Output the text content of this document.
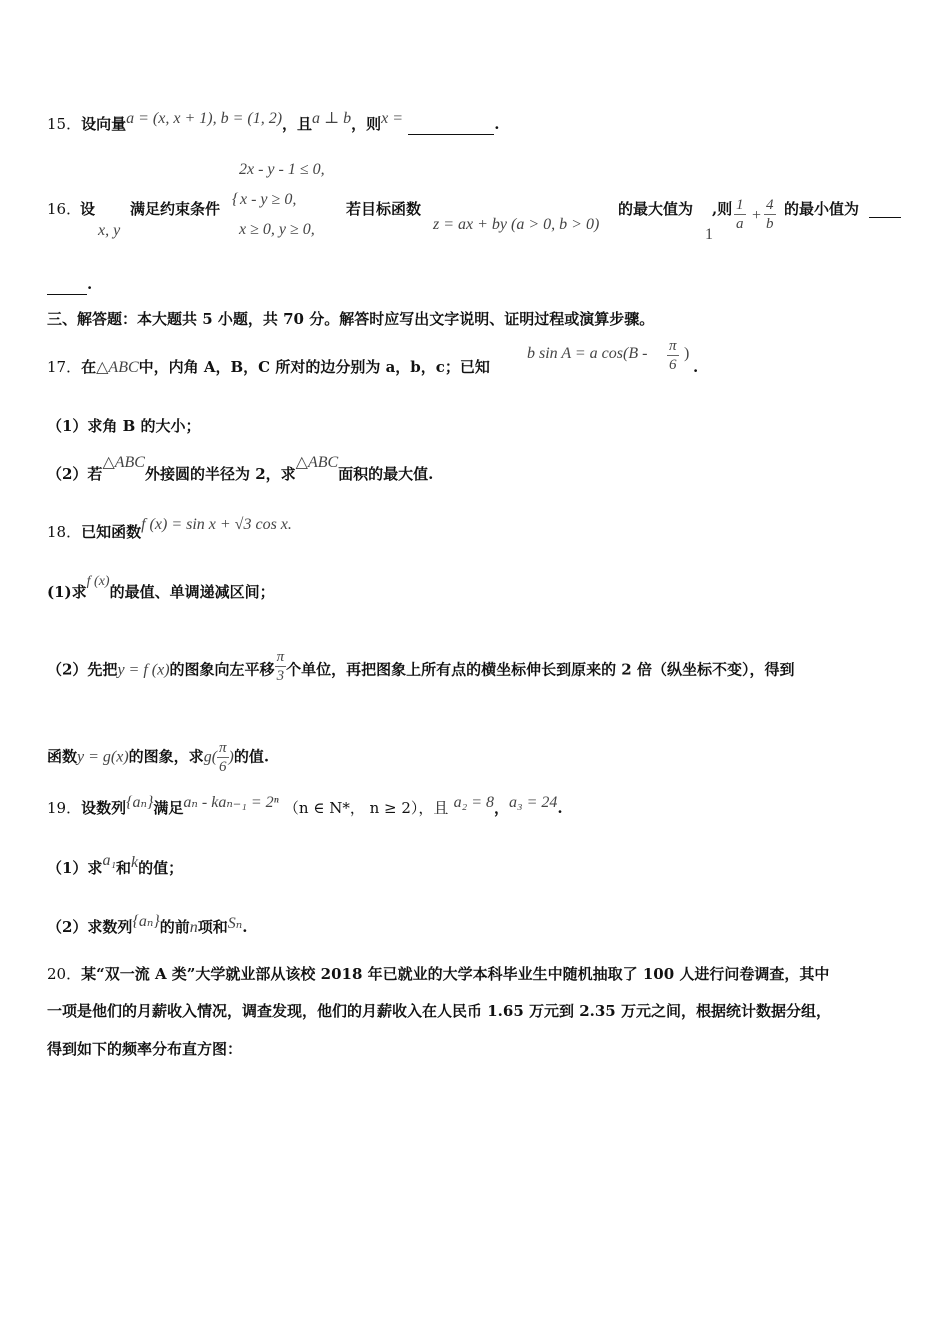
15．设向量a = (x, x + 1), b = (1, 2)，且a ⊥ b，则x =	.
2x - y - 1 ≤ 0,
{ x - y ≥ 0,
x ≥ 0, y ≥ 0,
x, y
16．
设 满足约束条件	若目标函数
z = ax + by (a > 0, b > 0)
的最大值为
1
,则 $\frac{1}{a} + \frac{4}{b}$ 的最小值为
.
三、解答题：本大题共 5 小题，共 70 分。解答时应写出文字说明、证明过程或演算步骤。
17．在△ABC中，内角 A，B，C 所对的边分别为 a，b，c；已知
b sin A = a $\cos(B - \frac{\pi}{6}$ )
.
（1）求角 B 的大小；
（2）若△ABC外接圆的半径为 2，求△ABC面积的最大值.
18．已知函数f (x) = sin x + √3 cos x.
(1)求f (x)的最值、单调递减区间；
（2）先把y = f (x)的图象向左平移 $\frac{\pi}{3}$ 个单位，再把图象上所有点的横坐标伸长到原来的 2 倍（纵坐标不变），得到
函数y = g(x)的图象，求$g( \frac{\pi}{6}$ )的值.
19．设数列{aₙ}满足aₙ - kaₙ₋₁ = 2ⁿ （n ∈ N*， n ≥ 2），且 a₂ = 8，a₃ = 24.
（1）求a₁和k的值；
（2）求数列{aₙ}的前n项和Sₙ.
20．某“双一流 A 类”大学就业部从该校 2018 年已就业的大学本科毕业生中随机抽取了 100 人进行问卷调查，其中
一项是他们的月薪收入情况，调查发现，他们的月薪收入在人民币 1.65 万元到 2.35 万元之间，根据统计数据分组，
得到如下的频率分布直方图：
